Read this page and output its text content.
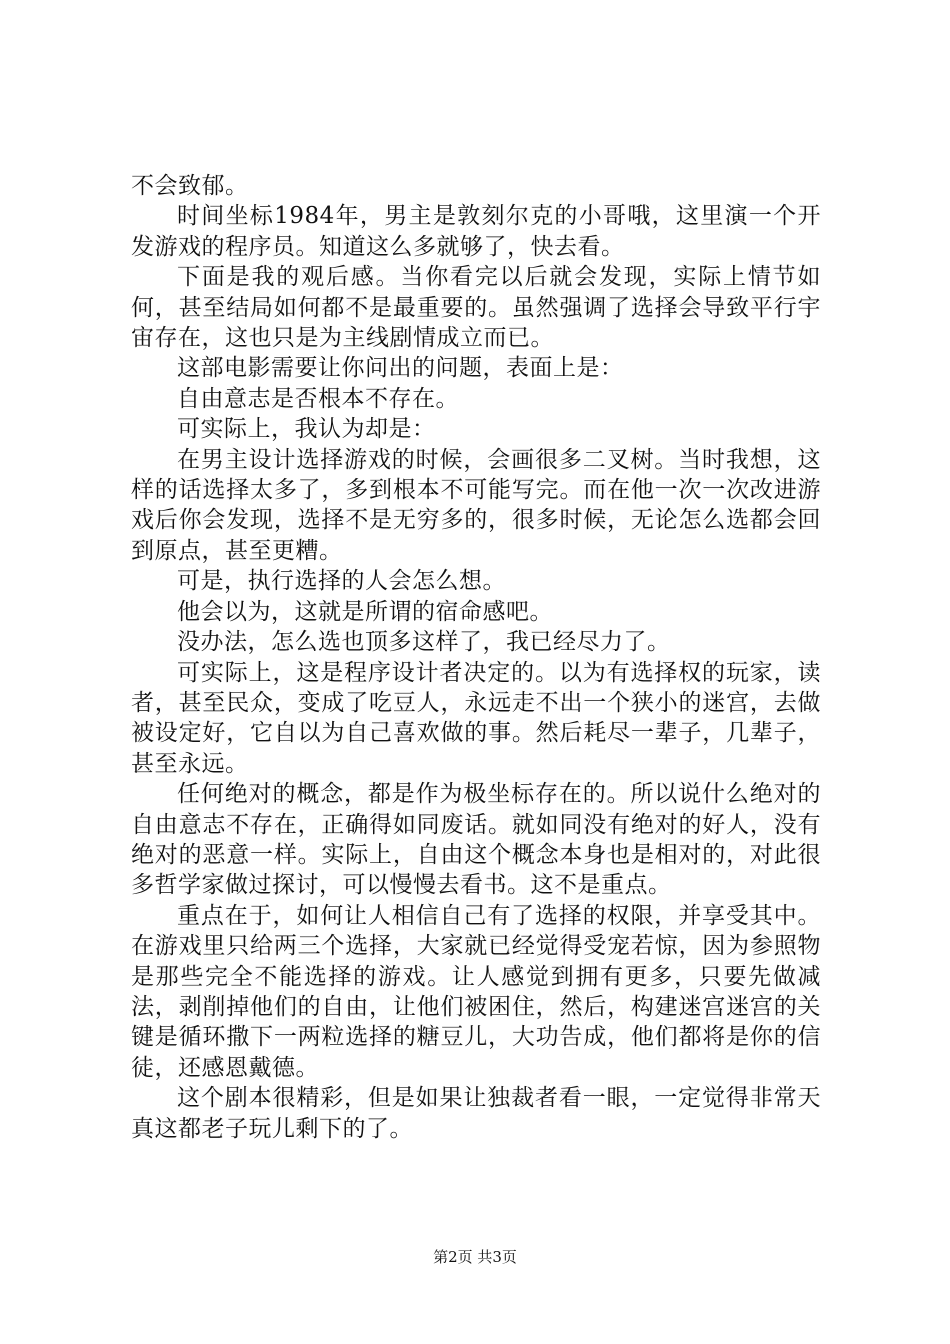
不会致郁。

时间坐标1984年，男主是敦刻尔克的小哥哦，这里演一个开发游戏的程序员。知道这么多就够了，快去看。

下面是我的观后感。当你看完以后就会发现，实际上情节如何，甚至结局如何都不是最重要的。虽然强调了选择会导致平行宇宙存在，这也只是为主线剧情成立而已。

这部电影需要让你问出的问题，表面上是：

自由意志是否根本不存在。

可实际上，我认为却是：

在男主设计选择游戏的时候，会画很多二叉树。当时我想，这样的话选择太多了，多到根本不可能写完。而在他一次一次改进游戏后你会发现，选择不是无穷多的，很多时候，无论怎么选都会回到原点，甚至更糟。

可是，执行选择的人会怎么想。

他会以为，这就是所谓的宿命感吧。

没办法，怎么选也顶多这样了，我已经尽力了。

可实际上，这是程序设计者决定的。以为有选择权的玩家，读者，甚至民众，变成了吃豆人，永远走不出一个狭小的迷宫，去做被设定好，它自以为自己喜欢做的事。然后耗尽一辈子，几辈子，甚至永远。

任何绝对的概念，都是作为极坐标存在的。所以说什么绝对的自由意志不存在，正确得如同废话。就如同没有绝对的好人，没有绝对的恶意一样。实际上，自由这个概念本身也是相对的，对此很多哲学家做过探讨，可以慢慢去看书。这不是重点。

重点在于，如何让人相信自己有了选择的权限，并享受其中。在游戏里只给两三个选择，大家就已经觉得受宠若惊，因为参照物是那些完全不能选择的游戏。让人感觉到拥有更多，只要先做减法，剥削掉他们的自由，让他们被困住，然后，构建迷宫迷宫的关键是循环撒下一两粒选择的糖豆儿，大功告成，他们都将是你的信徒，还感恩戴德。

这个剧本很精彩，但是如果让独裁者看一眼，一定觉得非常天真这都老子玩儿剩下的了。

第2页 共3页
